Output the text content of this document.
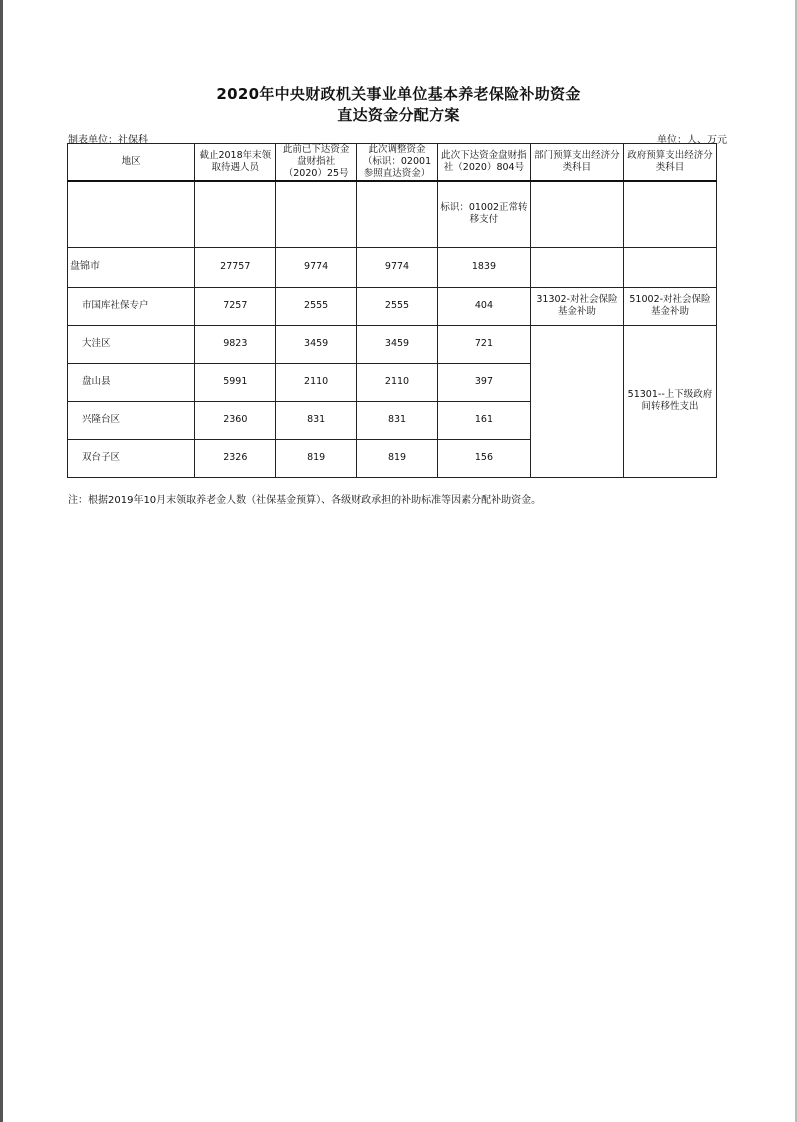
2020年中央财政机关事业单位基本养老保险补助资金
直达资金分配方案
制表单位：社保科	单位：人、万元
地区	截止2018年末领取待遇人员	此前已下达资金盘财指社（2020）25号	此次调整资金（标识：02001参照直达资金）	此次下达资金盘财指社（2020）804号	部门预算支出经济分类科目	政府预算支出经济分类科目
				标识：01002正常转移支付		
盘锦市	27757	9774	9774	1839		
市国库社保专户	7257	2555	2555	404	31302-对社会保险基金补助	51002-对社会保险基金补助
大洼区	9823	3459	3459	721		51301--上下级政府间转移性支出
盘山县	5991	2110	2110	397		
兴隆台区	2360	831	831	161		
双台子区	2326	819	819	156		
注：根据2019年10月末领取养老金人数（社保基金预算）、各级财政承担的补助标准等因素分配补助资金。
